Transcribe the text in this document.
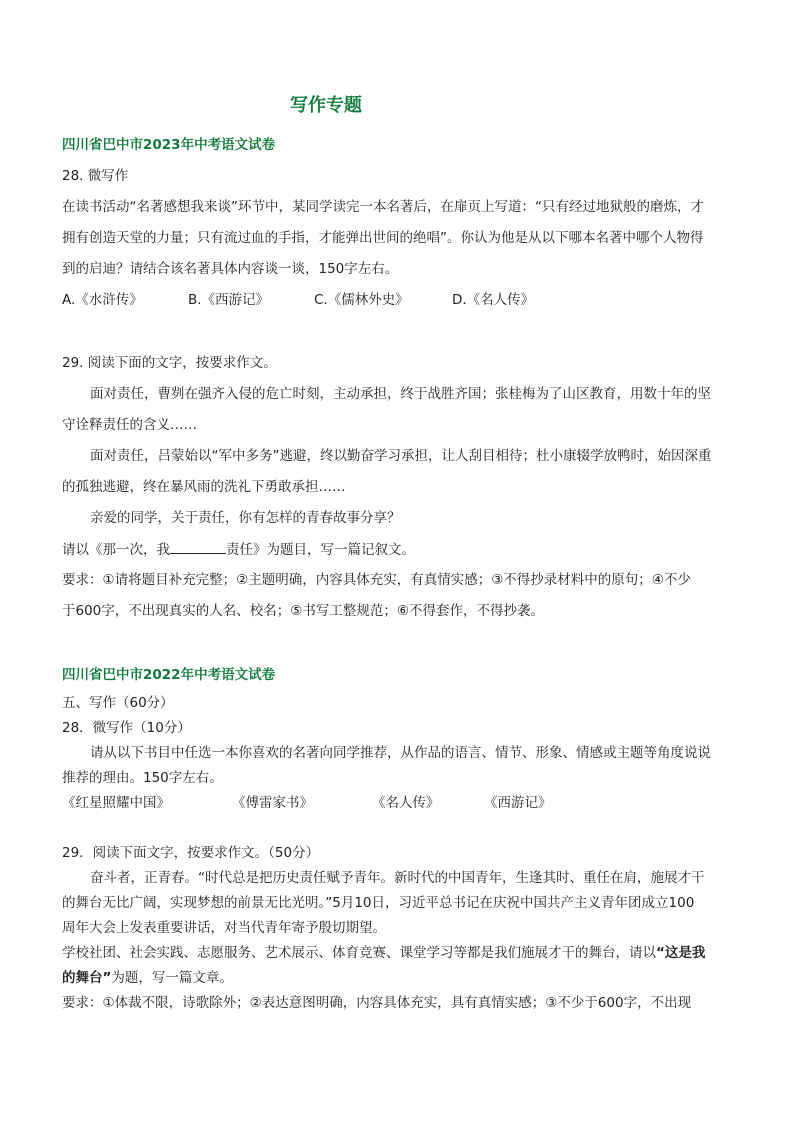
写作专题
四川省巴中市2023年中考语文试卷
28. 微写作
在读书活动“名著感想我来谈”环节中，某同学读完一本名著后，在扉页上写道：“只有经过地狱般的磨炼，才
拥有创造天堂的力量；只有流过血的手指，才能弹出世间的绝唱”。你认为他是从以下哪本名著中哪个人物得
到的启迪？请结合该名著具体内容谈一谈，150字左右。
A.《水浒传》	B.《西游记》	C.《儒林外史》	D.《名人传》
29. 阅读下面的文字，按要求作文。
面对责任，曹刿在强齐入侵的危亡时刻，主动承担，终于战胜齐国；张桂梅为了山区教育，用数十年的坚
守诠释责任的含义……
面对责任，吕蒙始以“军中多务”逃避，终以勤奋学习承担，让人刮目相待；杜小康辍学放鸭时，始因深重
的孤独逃避，终在暴风雨的洗礼下勇敢承担……
亲爱的同学，关于责任，你有怎样的青春故事分享？
请以《那一次，我	责任》为题目，写一篇记叙文。
要求：①请将题目补充完整；②主题明确，内容具体充实，有真情实感；③不得抄录材料中的原句；④不少
于600字，不出现真实的人名、校名；⑤书写工整规范；⑥不得套作，不得抄袭。
四川省巴中市2022年中考语文试卷
五、写作（60分）
28．微写作（10分）
请从以下书目中任选一本你喜欢的名著向同学推荐，从作品的语言、情节、形象、情感或主题等角度说说
推荐的理由。150字左右。
《红星照耀中国》	《傅雷家书》	《名人传》	《西游记》
29．阅读下面文字，按要求作文。（50分）
奋斗者，正青春。“时代总是把历史责任赋予青年。新时代的中国青年，生逢其时、重任在肩，施展才干
的舞台无比广阔，实现梦想的前景无比光明。”5月10日，习近平总书记在庆祝中国共产主义青年团成立100
周年大会上发表重要讲话，对当代青年寄予殷切期望。
学校社团、社会实践、志愿服务、艺术展示、体育竞赛、课堂学习等都是我们施展才干的舞台，请以“这是我
的舞台”为题，写一篇文章。
要求：①体裁不限，诗歌除外；②表达意图明确，内容具体充实，具有真情实感；③不少于600字，不出现
